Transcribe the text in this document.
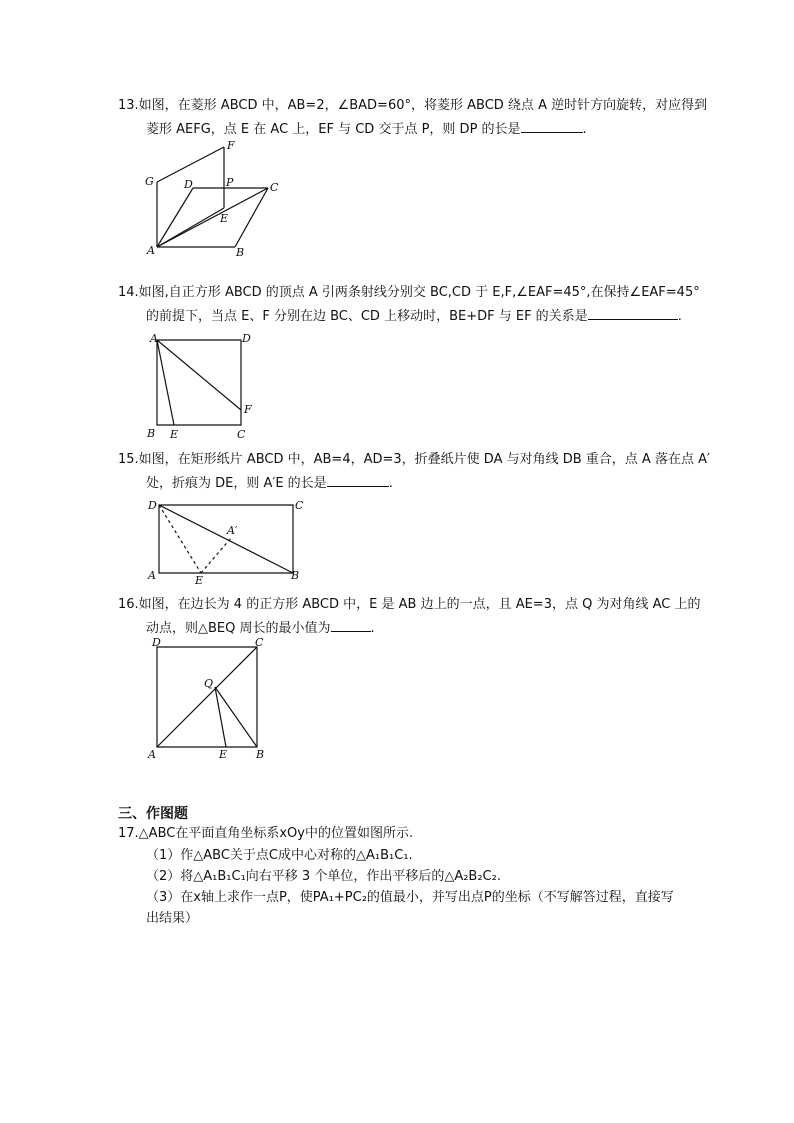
13.如图，在菱形 ABCD 中，AB=2，∠BAD=60°，将菱形 ABCD 绕点 A 逆时针方向旋转，对应得到
菱形 AEFG，点 E 在 AC 上，EF 与 CD 交于点 P，则 DP 的长是	.
G	D	P	C
F
E
A	B
14.如图,自正方形 ABCD 的顶点 A 引两条射线分别交 BC,CD 于 E,F,∠EAF=45°,在保持∠EAF=45°
的前提下，当点 E、F 分别在边 BC、CD 上移动时，BE+DF 与 EF 的关系是	.
A	D
F
B E	C
15.如图，在矩形纸片 ABCD 中，AB=4，AD=3，折叠纸片使 DA 与对角线 DB 重合，点 A 落在点 A′
处，折痕为 DE，则 A′E 的长是	.
D	C
A′
A	E	B
16.如图，在边长为 4 的正方形 ABCD 中，E 是 AB 边上的一点，且 AE=3，点 Q 为对角线 AC 上的
动点，则△BEQ 周长的最小值为	.
D	C
Q
A	E	B
三、作图题
17.△ABC在平面直角坐标系xOy中的位置如图所示.
（1）作△ABC关于点C成中心对称的△A₁B₁C₁.
（2）将△A₁B₁C₁向右平移 3 个单位，作出平移后的△A₂B₂C₂.
（3）在x轴上求作一点P，使PA₁+PC₂的值最小，并写出点P的坐标（不写解答过程，直接写
出结果）
